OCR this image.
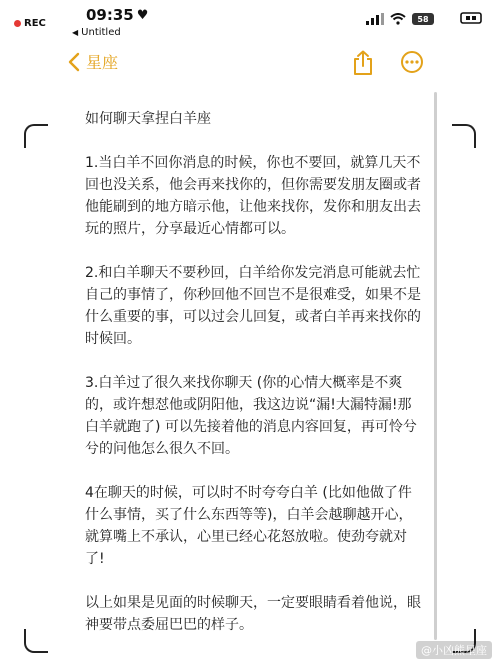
REC	09:35 ♥
◀ Untitled
58
星座

如何聊天拿捏白羊座

1.当白羊不回你消息的时候，你也不要回，就算几天不回也没关系，他会再来找你的，但你需要发朋友圈或者他能刷到的地方暗示他，让他来找你，发你和朋友出去玩的照片，分享最近心情都可以。

2.和白羊聊天不要秒回，白羊给你发完消息可能就去忙自己的事情了，你秒回他不回岂不是很难受，如果不是什么重要的事，可以过会儿回复，或者白羊再来找你的时候回。

3.白羊过了很久来找你聊天 (你的心情大概率是不爽的，或许想怼他或阴阳他，我这边说“漏!大漏特漏!那白羊就跑了) 可以先接着他的消息内容回复，再可怜兮兮的问他怎么很久不回。

4在聊天的时候，可以时不时夸夸白羊 (比如他做了件什么事情，买了什么东西等等)，白羊会越聊越开心，就算嘴上不承认，心里已经心花怒放啦。使劲夸就对了!

以上如果是见面的时候聊天，一定要眼睛看着他说，眼神要带点委屈巴巴的样子。

@小凶熊星座
